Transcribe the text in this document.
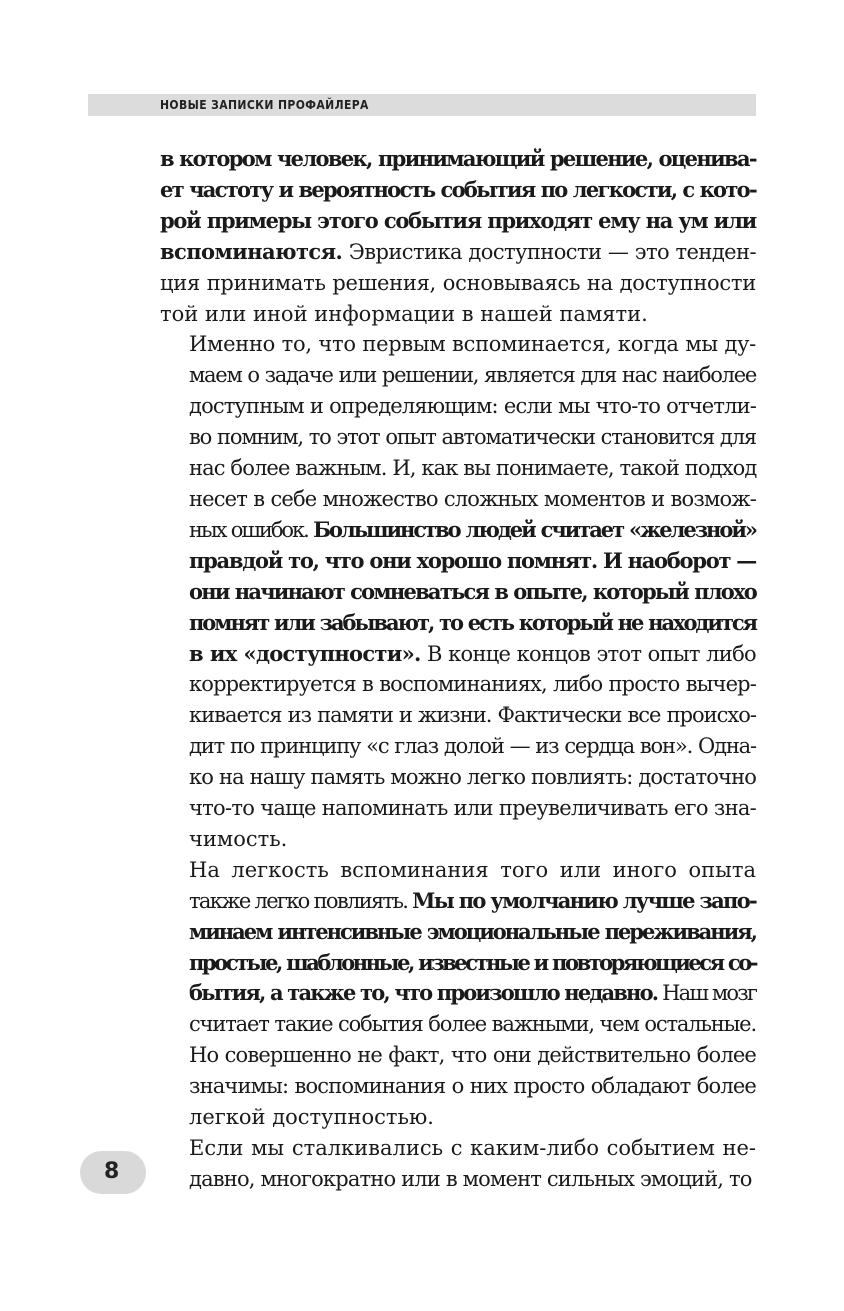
НОВЫЕ ЗАПИСКИ ПРОФАЙЛЕРА

в котором человек, принимающий решение, оценива-
ет частоту и вероятность события по легкости, с кото-
рой примеры этого события приходят ему на ум или
вспоминаются. Эвристика доступности — это тенден-
ция принимать решения, основываясь на доступности
той или иной информации в нашей памяти.

Именно то, что первым вспоминается, когда мы ду-
маем о задаче или решении, является для нас наиболее
доступным и определяющим: если мы что-то отчетли-
во помним, то этот опыт автоматически становится для
нас более важным. И, как вы понимаете, такой подход
несет в себе множество сложных моментов и возмож-
ных ошибок. Большинство людей считает «железной»
правдой то, что они хорошо помнят. И наоборот —
они начинают сомневаться в опыте, который плохо
помнят или забывают, то есть который не находится
в их «доступности». В конце концов этот опыт либо
корректируется в воспоминаниях, либо просто вычер-
кивается из памяти и жизни. Фактически все происхо-
дит по принципу «с глаз долой — из сердца вон». Одна-
ко на нашу память можно легко повлиять: достаточно
что-то чаще напоминать или преувеличивать его зна-
чимость.

На легкость вспоминания того или иного опыта
также легко повлиять. Мы по умолчанию лучше запо-
минаем интенсивные эмоциональные переживания,
простые, шаблонные, известные и повторяющиеся со-
бытия, а также то, что произошло недавно. Наш мозг
считает такие события более важными, чем остальные.
Но совершенно не факт, что они действительно более
значимы: воспоминания о них просто обладают более
легкой доступностью.

Если мы сталкивались с каким-либо событием не-
давно, многократно или в момент сильных эмоций, то

8
